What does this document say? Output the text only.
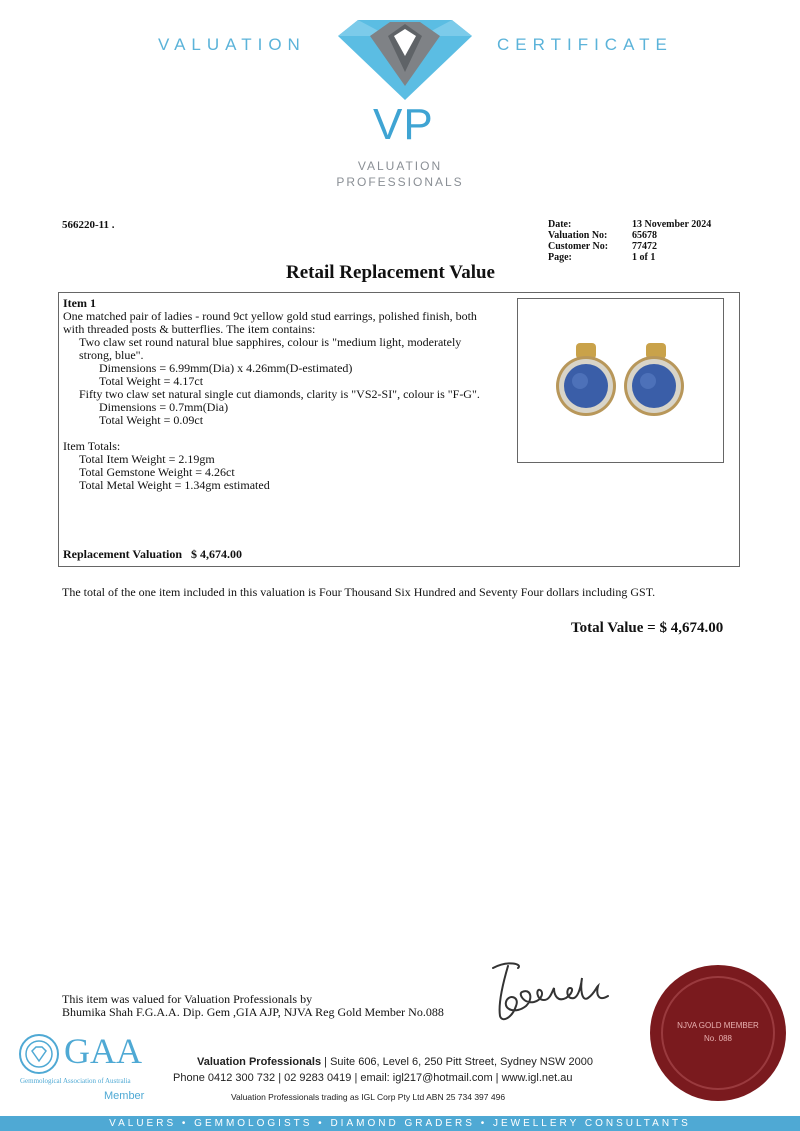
VALUATION	CERTIFICATE
VP
VALUATION
PROFESSIONALS
566220-11 .	Date:	13 November 2024
Valuation No:	65678
Customer No:	77472
Page:	1 of 1
Retail Replacement Value
Item 1
One matched pair of ladies - round 9ct yellow gold stud earrings, polished finish, both
with threaded posts & butterflies. The item contains:
Two claw set round natural blue sapphires, colour is "medium light, moderately
strong, blue".
Dimensions = 6.99mm(Dia) x 4.26mm(D-estimated)
Total Weight = 4.17ct
Fifty two claw set natural single cut diamonds, clarity is "VS2-SI", colour is "F-G".
Dimensions = 0.7mm(Dia)
Total Weight = 0.09ct
Item Totals:
Total Item Weight = 2.19gm
Total Gemstone Weight = 4.26ct
Total Metal Weight = 1.34gm estimated
Replacement Valuation $ 4,674.00
The total of the one item included in this valuation is Four Thousand Six Hundred and Seventy Four dollars including GST.
Total Value = $ 4,674.00
This item was valued for Valuation Professionals by
Bhumika Shah F.G.A.A. Dip. Gem ,GIA AJP, NJVA Reg Gold Member No.088
NJVA GOLD MEMBER
No. 088
GAA
Gemmological Association of Australia
Member
Valuation Professionals | Suite 606, Level 6, 250 Pitt Street, Sydney NSW 2000
Phone 0412 300 732 | 02 9283 0419 | email: igl217@hotmail.com | www.igl.net.au
Valuation Professionals trading as IGL Corp Pty Ltd ABN 25 734 397 496
VALUERS • GEMMOLOGISTS • DIAMOND GRADERS • JEWELLERY CONSULTANTS
